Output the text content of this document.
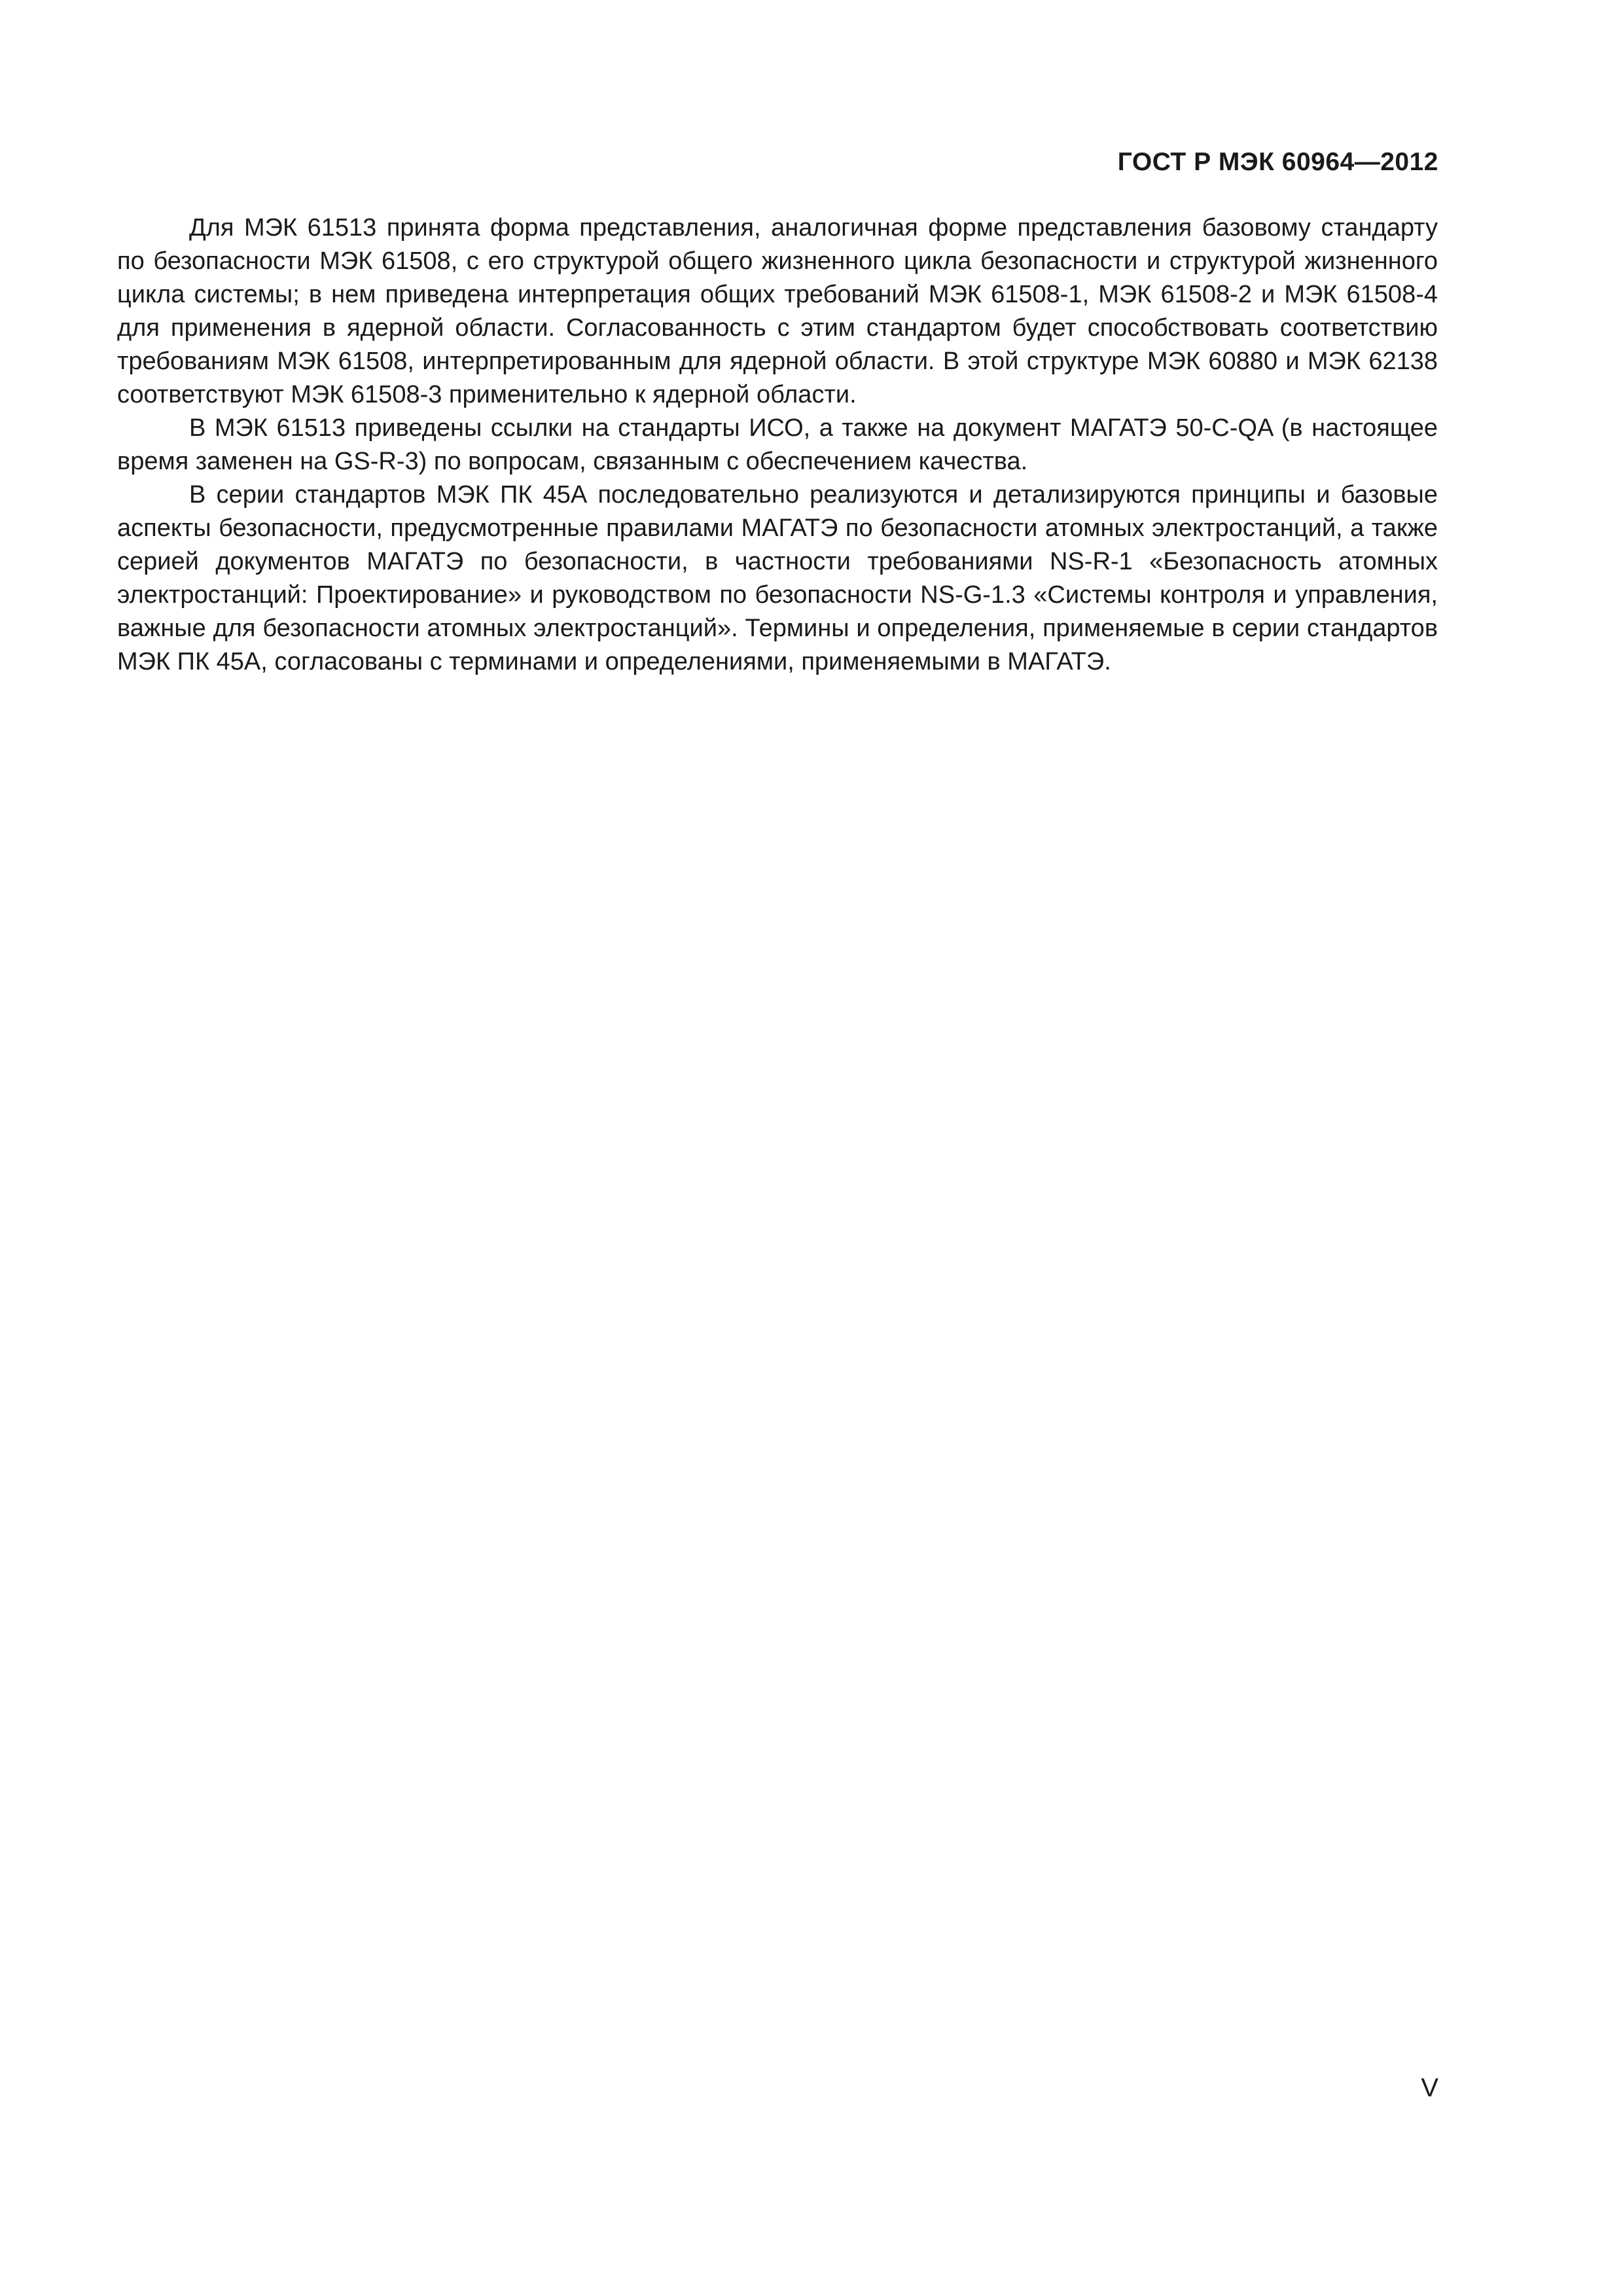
ГОСТ Р МЭК 60964—2012

Для МЭК 61513 принята форма представления, аналогичная форме представления базовому стандарту по безопасности МЭК 61508, с его структурой общего жизненного цикла безопасности и структурой жизненного цикла системы; в нем приведена интерпретация общих требований МЭК 61508-1, МЭК 61508-2 и МЭК 61508-4 для применения в ядерной области. Согласованность с этим стандартом будет способствовать соответствию требованиям МЭК 61508, интерпретированным для ядерной области. В этой структуре МЭК 60880 и МЭК 62138 соответствуют МЭК 61508-3 применительно к ядерной области.

В МЭК 61513 приведены ссылки на стандарты ИСО, а также на документ МАГАТЭ 50-C-QA (в настоящее время заменен на GS-R-3) по вопросам, связанным с обеспечением качества.

В серии стандартов МЭК ПК 45А последовательно реализуются и детализируются принципы и базовые аспекты безопасности, предусмотренные правилами МАГАТЭ по безопасности атомных электростанций, а также серией документов МАГАТЭ по безопасности, в частности требованиями NS-R-1 «Безопасность атомных электростанций: Проектирование» и руководством по безопасности NS-G-1.3 «Системы контроля и управления, важные для безопасности атомных электростанций». Термины и определения, применяемые в серии стандартов МЭК ПК 45А, согласованы с терминами и определениями, применяемыми в МАГАТЭ.

V
